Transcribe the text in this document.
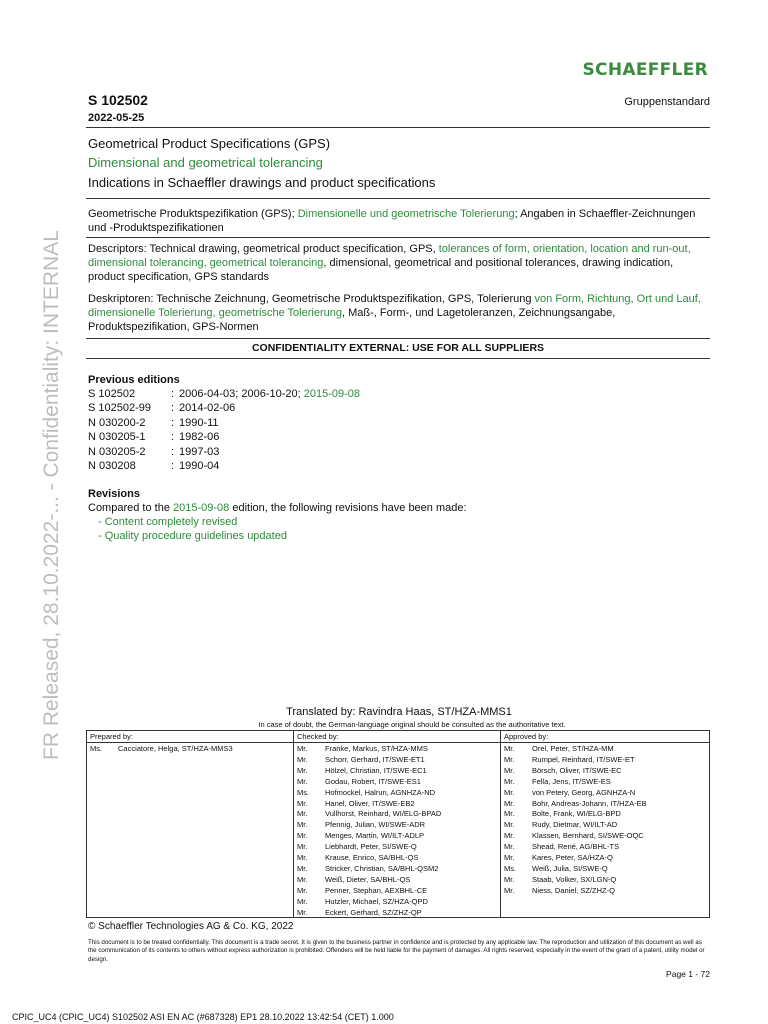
FR Released, 28.10.2022-... - Confidentiality: INTERNAL
SCHAEFFLER
S 102502	Gruppenstandard
2022-05-25
Geometrical Product Specifications (GPS)
Dimensional and geometrical tolerancing
Indications in Schaeffler drawings and product specifications
Geometrische Produktspezifikation (GPS); Dimensionelle und geometrische Tolerierung; Angaben in Schaeffler-Zeichnungen und -Produktspezifikationen
Descriptors: Technical drawing, geometrical product specification, GPS, tolerances of form, orientation, location and run-out, dimensional tolerancing, geometrical tolerancing, dimensional, geometrical and positional tolerances, drawing indication, product specification, GPS standards
Deskriptoren: Technische Zeichnung, Geometrische Produktspezifikation, GPS, Tolerierung von Form, Richtung, Ort und Lauf, dimensionelle Tolerierung, geometrische Tolerierung, Maß-, Form-, und Lagetoleranzen, Zeichnungsangabe, Produktspezifikation, GPS-Normen
CONFIDENTIALITY EXTERNAL: USE FOR ALL SUPPLIERS
Previous editions
S 102502	: 2006-04-03; 2006-10-20; 2015-09-08
S 102502-99	: 2014-02-06
N 030200-2	: 1990-11
N 030205-1	: 1982-06
N 030205-2	: 1997-03
N 030208	: 1990-04
Revisions
Compared to the 2015-09-08 edition, the following revisions have been made:
- Content completely revised
- Quality procedure guidelines updated
Translated by: Ravindra Haas, ST/HZA-MMS1
In case of doubt, the German-language original should be consulted as the authoritative text.
Prepared by:
Ms. Cacciatore, Helga, ST/HZA-MMS3
Checked by:
Mr. Franke, Markus, ST/HZA-MMS
Mr. Schorr, Gerhard, IT/SWE-ET1
Mr. Hölzel, Christian, IT/SWE-EC1
Mr. Godau, Robert, IT/SWE-ES1
Ms. Hofmockel, Halrun, AGNHZA-ND
Mr. Hanel, Oliver, IT/SWE-EB2
Mr. Vullhorst, Reinhard, WI/ELG-BPAD
Mr. Pfennig, Julian, WI/SWE-ADR
Mr. Menges, Martin, WI/ILT-ADLP
Mr. Liebhardt, Peter, SI/SWE-Q
Mr. Krause, Enrico, SA/BHL-QS
Mr. Stricker, Christian, SA/BHL-QSM2
Mr. Weiß, Dieter, SA/BHL-QS
Mr. Penner, Stephan, AEXBHL-CE
Mr. Hutzler, Michael, SZ/HZA-QPD
Mr. Eckert, Gerhard, SZ/ZHZ-QP
Approved by:
Mr. Orel, Peter, ST/HZA-MM
Mr. Rumpel, Reinhard, IT/SWE-ET
Mr. Börsch, Oliver, IT/SWE-EC
Mr. Fella, Jens, IT/SWE-ES
Mr. von Petery, Georg, AGNHZA-N
Mr. Bohr, Andreas-Johann, IT/HZA-EB
Mr. Bolte, Frank, WI/ELG-BPD
Mr. Rudy, Dietmar, WI/ILT-AD
Mr. Klassen, Bernhard, SI/SWE-OQC
Mr. Shead, René, AG/BHL-TS
Mr. Kares, Peter, SA/HZA-Q
Ms. Weiß, Julia, SI/SWE-Q
Mr. Staab, Volker, SX/LGN-Q
Mr. Niess, Daniel, SZ/ZHZ-Q
© Schaeffler Technologies AG & Co. KG, 2022
This document is to be treated confidentially. This document is a trade secret. It is given to the business partner in confidence and is protected by any applicable law. The reproduction and utilization of this document as well as the communication of its contents to others without express authorization is prohibited. Offenders will be held liable for the payment of damages. All rights reserved, especially in the event of the grant of a patent, utility model or design.
Page 1 - 72
CPIC_UC4 (CPIC_UC4) S102502 ASI EN AC (#687328) EP1 28.10.2022 13:42:54 (CET) 1.000
